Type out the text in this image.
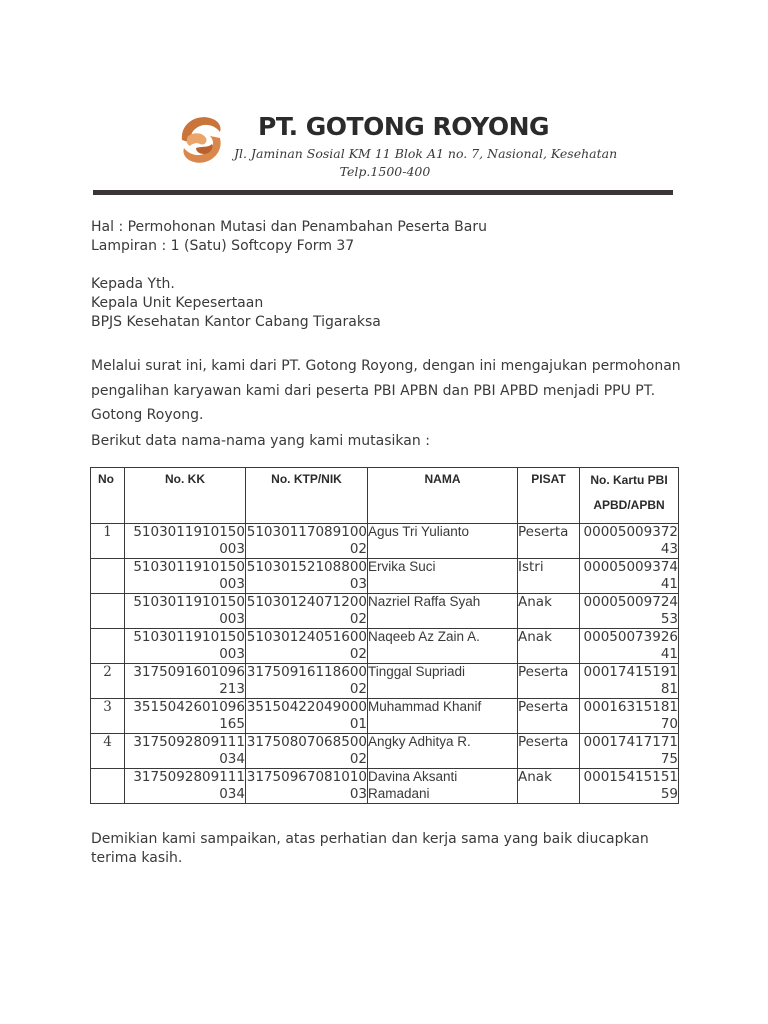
PT. GOTONG ROYONG
Jl. Jaminan Sosial KM 11 Blok A1 no. 7, Nasional, Kesehatan
Telp.1500-400
Hal : Permohonan Mutasi dan Penambahan Peserta Baru
Lampiran : 1 (Satu) Softcopy Form 37
Kepada Yth.
Kepala Unit Kepesertaan
BPJS Kesehatan Kantor Cabang Tigaraksa
Melalui surat ini, kami dari PT. Gotong Royong, dengan ini mengajukan permohonan pengalihan karyawan kami dari peserta PBI APBN dan PBI APBD menjadi PPU PT. Gotong Royong.
Berikut data nama-nama yang kami mutasikan :
No	No. KK	No. KTP/NIK	NAMA	PISAT	No. Kartu PBI
APBD/APBN

1	5103011910150003	5103011708910002	Agus Tri Yulianto	Peserta	0000500937243
	5103011910150003	5103015210880003	Ervika Suci	Istri	0000500937441
	5103011910150003	5103012407120002	Nazriel Raffa Syah	Anak	0000500972453
	5103011910150003	5103012405160002	Naqeeb Az Zain A.	Anak	0005007392641
2	3175091601096213	3175091611860002	Tinggal Supriadi	Peserta	0001741519181
3	3515042601096165	3515042204900001	Muhammad Khanif	Peserta	0001631518170
4	3175092809111034	3175080706850002	Angky Adhitya R.	Peserta	0001741717175
	3175092809111034	3175096708101003	Davina Aksanti Ramadani	Anak	0001541515159
Demikian kami sampaikan, atas perhatian dan kerja sama yang baik diucapkan terima kasih.
